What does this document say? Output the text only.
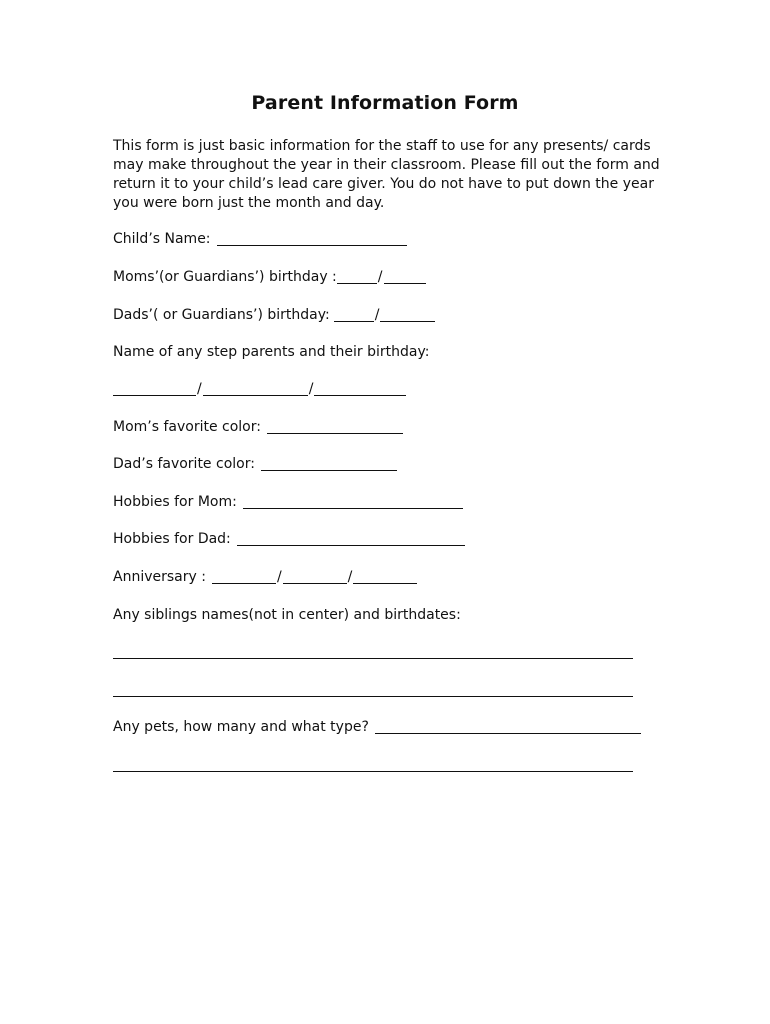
Parent Information Form
This form is just basic information for the staff to use for any presents/ cards
may make throughout the year in their classroom. Please fill out the form and
return it to your child’s lead care giver. You do not have to put down the year
you were born just the month and day.
Child’s Name:
Moms’(or Guardians’) birthday :	/
Dads’( or Guardians’) birthday:	/
Name of any step parents and their birthday:
/	/
Mom’s favorite color:
Dad’s favorite color:
Hobbies for Mom:
Hobbies for Dad:
Anniversary :	/	/
Any siblings names(not in center) and birthdates:
Any pets, how many and what type?
